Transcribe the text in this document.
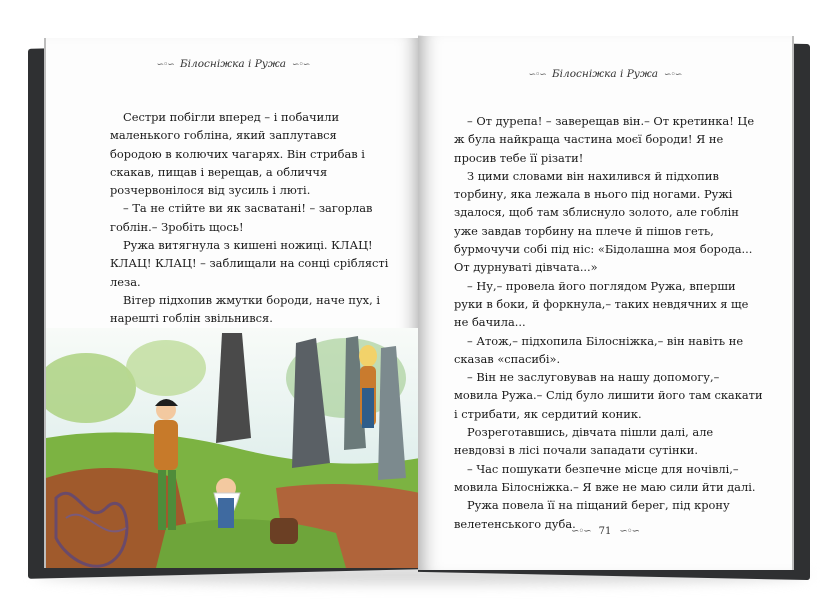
∽◦∽ Білосніжка і Ружа ∽◦∽

Сестри побігли вперед – і побачили маленького гобліна, який заплутався бородою в колючих чагарях. Він стрибав і скакав, пищав і верещав, а обличчя розчервонілося від зусиль і люті.

– Та не стійте ви як засватані! – загорлав гоблін.– Зробіть щось!

Ружа витягнула з кишені ножиці. КЛАЦ! КЛАЦ! КЛАЦ! – заблищали на сонці сріблясті леза.

Вітер підхопив жмутки бороди, наче пух, і нарешті гоблін звільнився.

∽◦∽ Білосніжка і Ружа ∽◦∽

– От дурепа! – заверещав він.– От кретинка! Це ж була найкраща частина моєї бороди! Я не просив тебе її різати!

З цими словами він нахилився й підхопив торбину, яка лежала в нього під ногами. Ружі здалося, щоб там зблиснуло золото, але гоблін уже завдав торбину на плече й пішов геть, бурмочучи собі під ніс: «Бідолашна моя борода... От дурнуваті дівчата...»

– Ну,– провела його поглядом Ружа, вперши руки в боки, й форкнула,– таких невдячних я ще не бачила...

– Атож,– підхопила Білосніжка,– він навіть не сказав «спасибі».

– Він не заслуговував на нашу допомогу,– мовила Ружа.– Слід було лишити його там скакати і стрибати, як сердитий коник.

Розреготавшись, дівчата пішли далі, але невдовзі в лісі почали западати сутінки.

– Час пошукати безпечне місце для ночівлі,– мовила Білосніжка.– Я вже не маю сили йти далі.

Ружа повела її на піщаний берег, під крону велетенського дуба.

∽◦∽ 71 ∽◦∽
